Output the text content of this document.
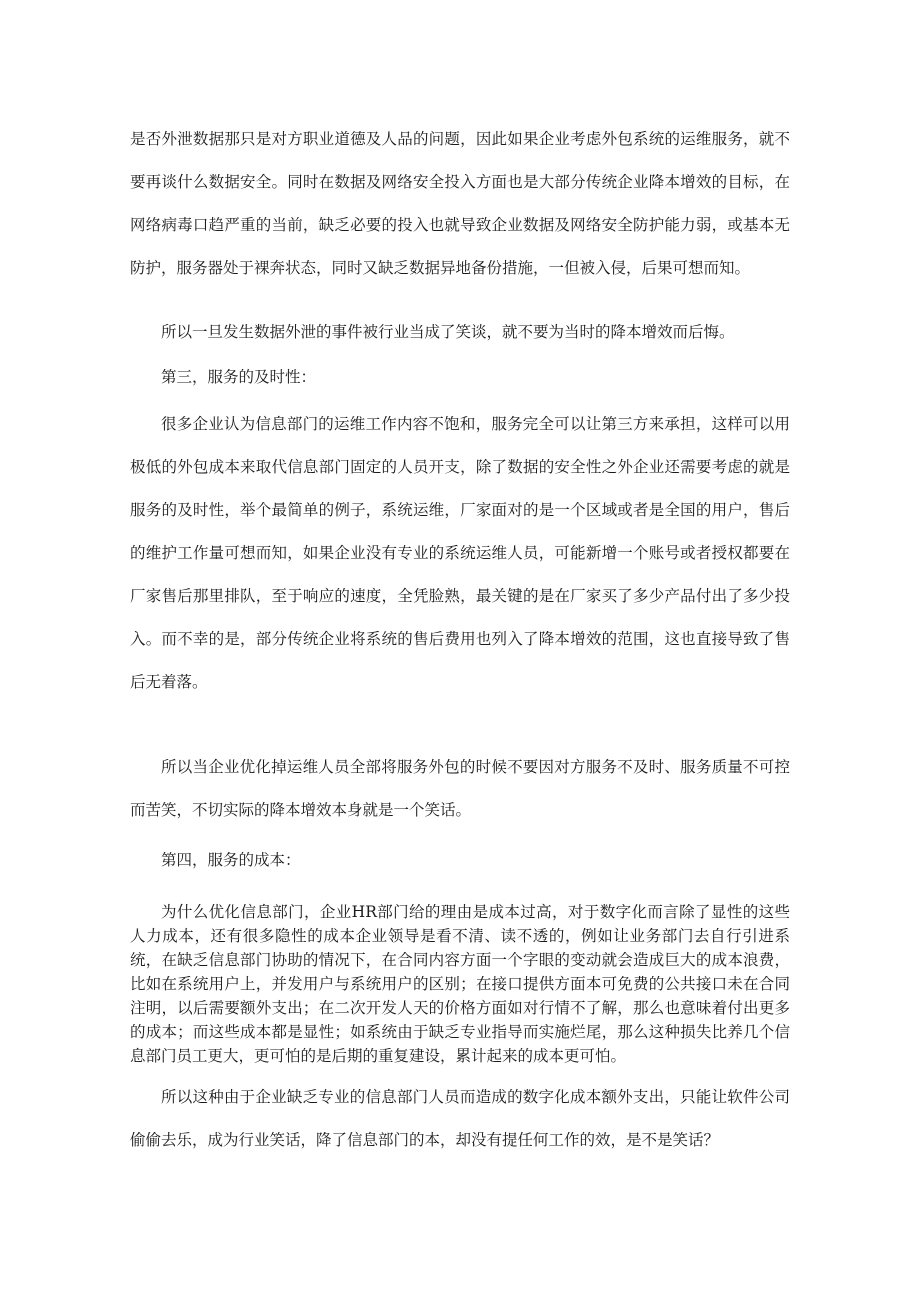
是否外泄数据那只是对方职业道德及人品的问题，因此如果企业考虑外包系统的运维服务，就不要再谈什么数据安全。同时在数据及网络安全投入方面也是大部分传统企业降本增效的目标，在网络病毒口趋严重的当前，缺乏必要的投入也就导致企业数据及网络安全防护能力弱，或基本无防护，服务器处于裸奔状态，同时又缺乏数据异地备份措施，一但被入侵，后果可想而知。

所以一旦发生数据外泄的事件被行业当成了笑谈，就不要为当时的降本增效而后悔。

第三，服务的及时性：

很多企业认为信息部门的运维工作内容不饱和，服务完全可以让第三方来承担，这样可以用极低的外包成本来取代信息部门固定的人员开支，除了数据的安全性之外企业还需要考虑的就是服务的及时性，举个最简单的例子，系统运维，厂家面对的是一个区域或者是全国的用户，售后的维护工作量可想而知，如果企业没有专业的系统运维人员，可能新增一个账号或者授权都要在厂家售后那里排队，至于响应的速度，全凭脸熟，最关键的是在厂家买了多少产品付出了多少投入。而不幸的是，部分传统企业将系统的售后费用也列入了降本增效的范围，这也直接导致了售后无着落。

所以当企业优化掉运维人员全部将服务外包的时候不要因对方服务不及时、服务质量不可控而苦笑，不切实际的降本增效本身就是一个笑话。

第四，服务的成本：

为什么优化信息部门，企业HR部门给的理由是成本过高，对于数字化而言除了显性的这些人力成本，还有很多隐性的成本企业领导是看不清、读不透的，例如让业务部门去自行引进系统，在缺乏信息部门协助的情况下，在合同内容方面一个字眼的变动就会造成巨大的成本浪费，比如在系统用户上，并发用户与系统用户的区别；在接口提供方面本可免费的公共接口未在合同注明，以后需要额外支出；在二次开发人天的价格方面如对行情不了解，那么也意味着付出更多的成本；而这些成本都是显性；如系统由于缺乏专业指导而实施烂尾，那么这种损失比养几个信息部门员工更大，更可怕的是后期的重复建设，累计起来的成本更可怕。

所以这种由于企业缺乏专业的信息部门人员而造成的数字化成本额外支出，只能让软件公司偷偷去乐，成为行业笑话，降了信息部门的本，却没有提任何工作的效，是不是笑话？
